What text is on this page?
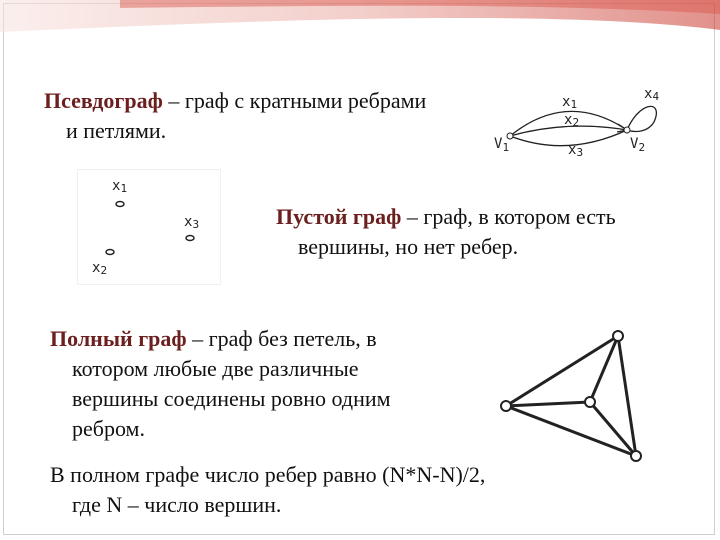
Псевдограф – граф с кратными ребрами
и петлями.

$V_1$	$V_2$
x1
x2
x3
x4
x1
x2
x3	Пустой граф – граф, в котором есть
вершины, но нет ребер.

Полный граф – граф без петель, в
котором любые две различные
вершины соединены ровно одним
ребром.

В полном графе число ребер равно (N*N-N)/2,
где N – число вершин.
